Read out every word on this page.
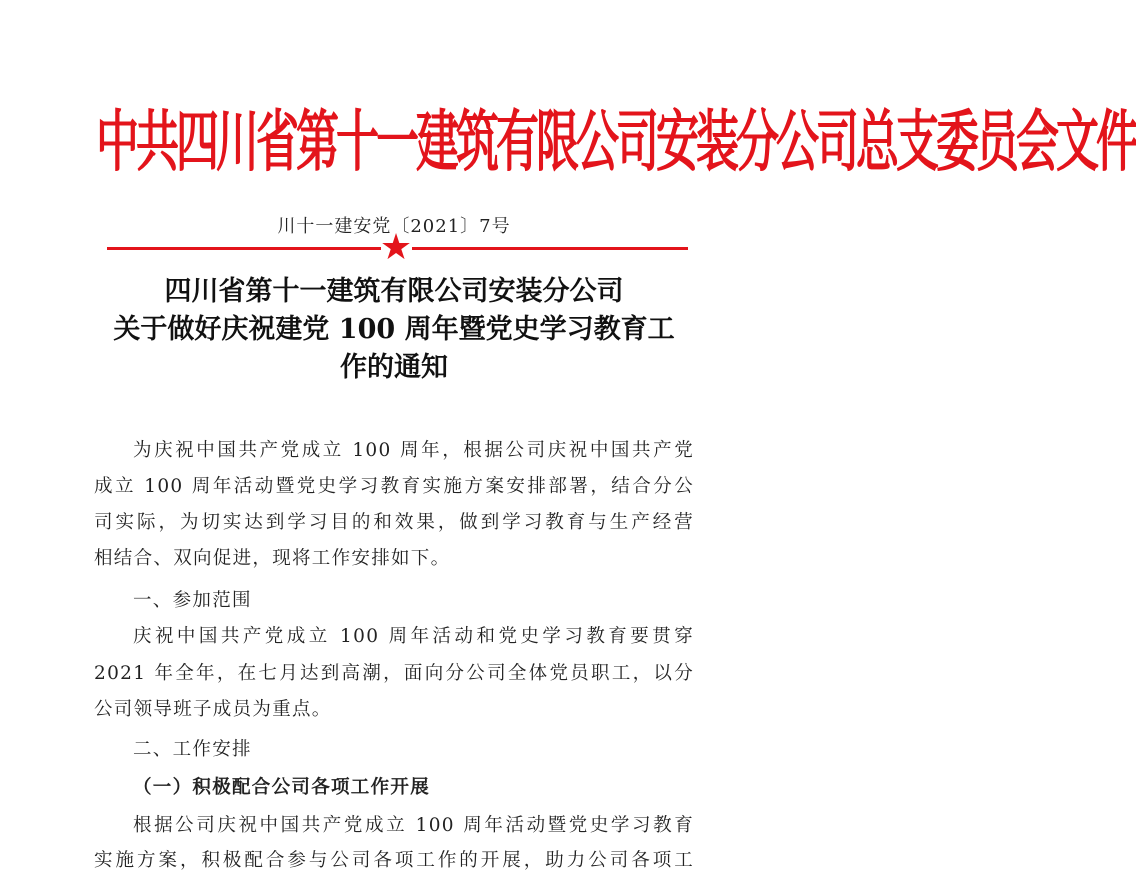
中共四川省第十一建筑有限公司安装分公司总支委员会文件
川十一建安党〔2021〕7号
★
四川省第十一建筑有限公司安装分公司
关于做好庆祝建党 100 周年暨党史学习教育工
作的通知

为庆祝中国共产党成立 100 周年，根据公司庆祝中国共产党

成立 100 周年活动暨党史学习教育实施方案安排部署，结合分公

司实际，为切实达到学习目的和效果，做到学习教育与生产经营

相结合、双向促进，现将工作安排如下。

一、参加范围

庆祝中国共产党成立 100 周年活动和党史学习教育要贯穿

2021 年全年，在七月达到高潮，面向分公司全体党员职工，以分

公司领导班子成员为重点。

二、工作安排

（一）积极配合公司各项工作开展

根据公司庆祝中国共产党成立 100 周年活动暨党史学习教育

实施方案，积极配合参与公司各项工作的开展，助力公司各项工
